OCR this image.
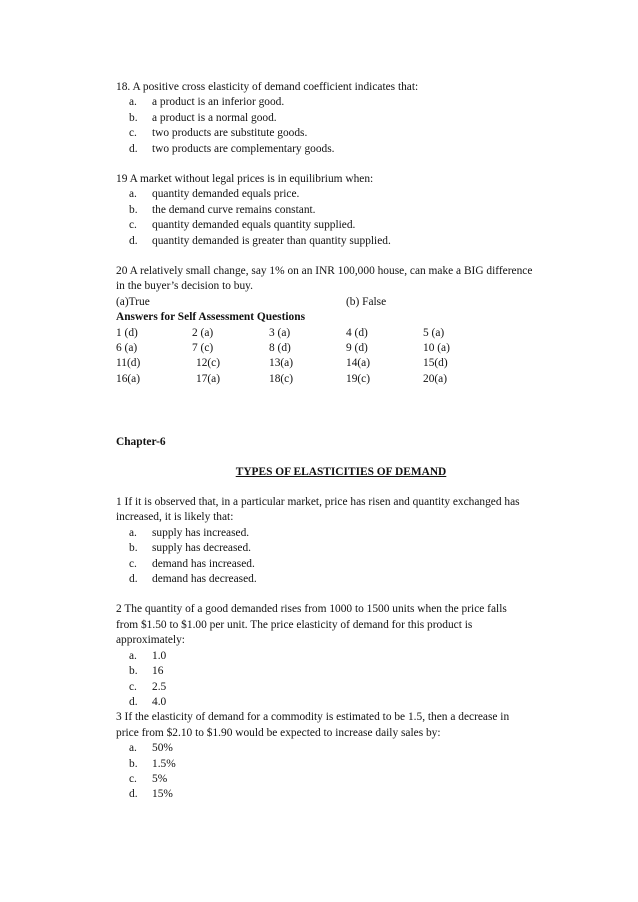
18. A positive cross elasticity of demand coefficient indicates that:

a. a product is an inferior good.
b. a product is a normal good.
c. two products are substitute goods.
d. two products are complementary goods.

19 A market without legal prices is in equilibrium when:

a. quantity demanded equals price.
b. the demand curve remains constant.
c. quantity demanded equals quantity supplied.
d. quantity demanded is greater than quantity supplied.

20 A relatively small change, say 1% on an INR 100,000 house, can make a BIG difference

in the buyer’s decision to buy.

(a)True	(b) False

Answers for Self Assessment Questions

1 (d)	2 (a)	3 (a)	4 (d)	5 (a)
6 (a)	7 (c)	8 (d)	9 (d)	10 (a)
11(d)	12(c)	13(a)	14(a)	15(d)
16(a)	17(a)	18(c)	19(c)	20(a)

Chapter-6

TYPES OF ELASTICITIES OF DEMAND

1 If it is observed that, in a particular market, price has risen and quantity exchanged has

increased, it is likely that:

a. supply has increased.
b. supply has decreased.
c. demand has increased.
d. demand has decreased.

2 The quantity of a good demanded rises from 1000 to 1500 units when the price falls

from $1.50 to $1.00 per unit. The price elasticity of demand for this product is

approximately:

a. 1.0
b. 16
c. 2.5
d. 4.0

3 If the elasticity of demand for a commodity is estimated to be 1.5, then a decrease in

price from $2.10 to $1.90 would be expected to increase daily sales by:

a. 50%
b. 1.5%
c. 5%
d. 15%
